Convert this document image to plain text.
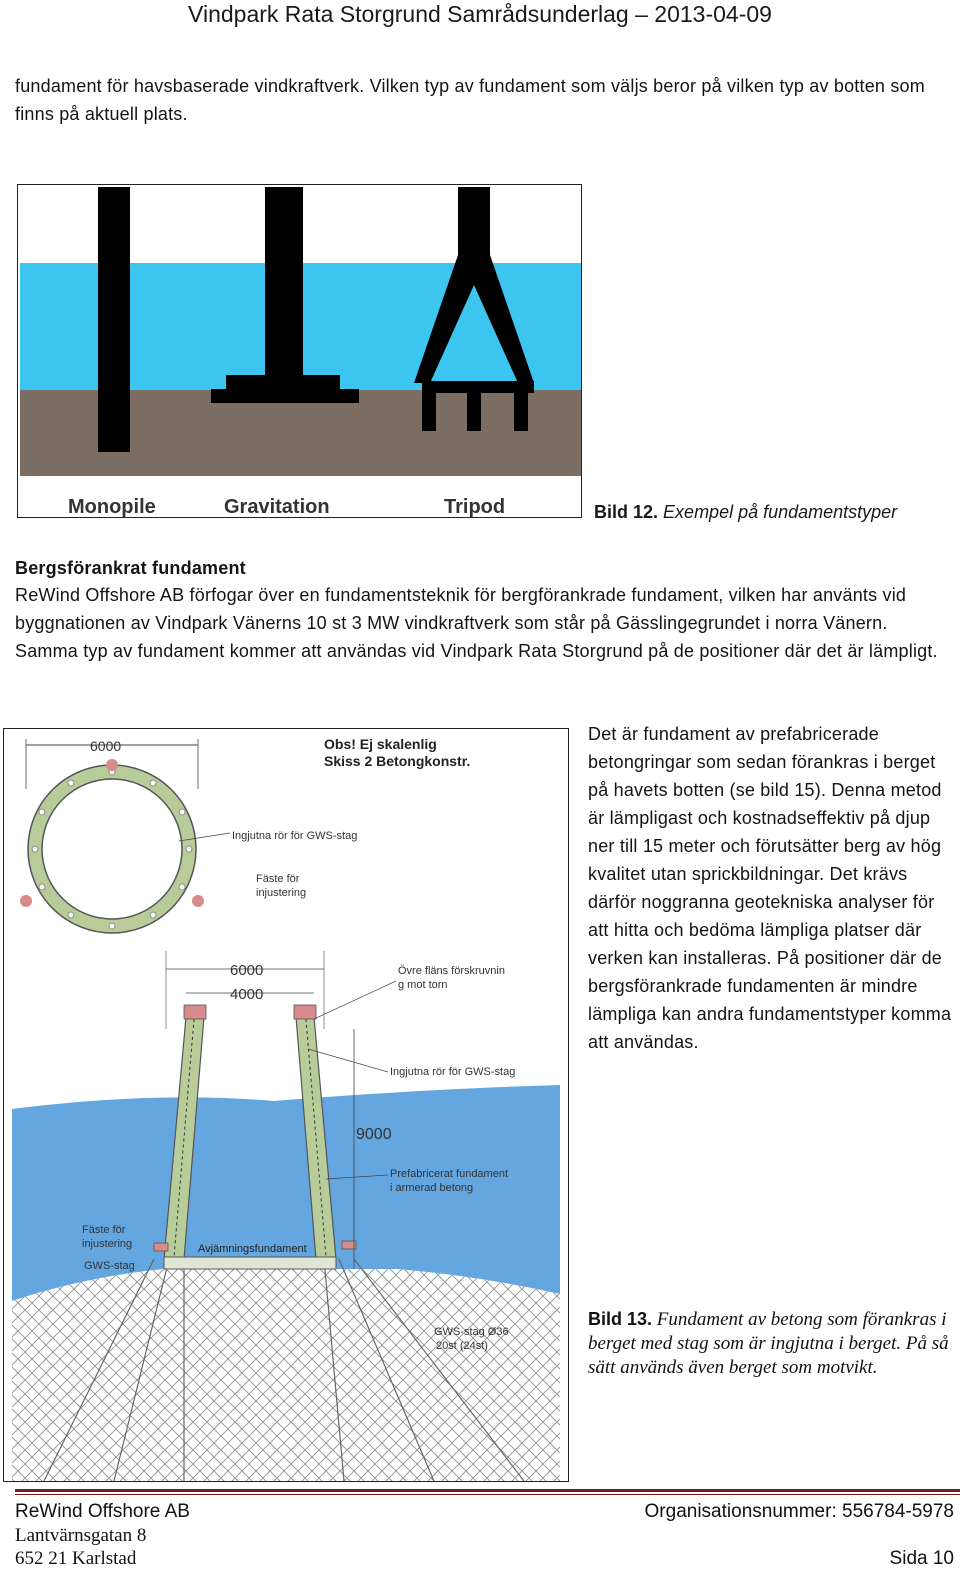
Vindpark Rata Storgrund Samrådsunderlag – 2013-04-09
fundament för havsbaserade vindkraftverk. Vilken typ av fundament som väljs beror på vilken typ av botten som finns på aktuell plats.
Monopile	Gravitation	Tripod	Bild 12. Exempel på fundamentstyper
Bergsförankrat fundament
ReWind Offshore AB förfogar över en fundamentsteknik för bergförankrade fundament, vilken har använts vid byggnationen av Vindpark Vänerns 10 st 3 MW vindkraftverk som står på Gässlingegrundet i norra Vänern. Samma typ av fundament kommer att användas vid Vindpark Rata Storgrund på de positioner där det är lämpligt.
6000	Obs! Ej skalenlig
Skiss 2 Betongkonstr.
Ingjutna rör för GWS-stag
Fäste för injustering
6000
4000
Övre fläns förskruvnin g mot torn
Ingjutna rör för GWS-stag
9000
Prefabricerat fundament i armerad betong
Fäste för injustering
GWS-stag
Avjämningsfundament
GWS-stag Ø36 20st (24st)
Det är fundament av prefabricerade betongringar som sedan förankras i berget på havets botten (se bild 15). Denna metod är lämpligast och kostnadseffektiv på djup ner till 15 meter och förutsätter berg av hög kvalitet utan sprickbildningar. Det krävs därför noggranna geotekniska analyser för att hitta och bedöma lämpliga platser där verken kan installeras. På positioner där de bergsförankrade fundamenten är mindre lämpliga kan andra fundamentstyper komma att användas.
Bild 13. Fundament av betong som förankras i berget med stag som är ingjutna i berget. På så sätt används även berget som motvikt.
ReWind Offshore AB	Organisationsnummer: 556784-5978
Lantvärnsgatan 8
652 21 Karlstad	Sida 10
